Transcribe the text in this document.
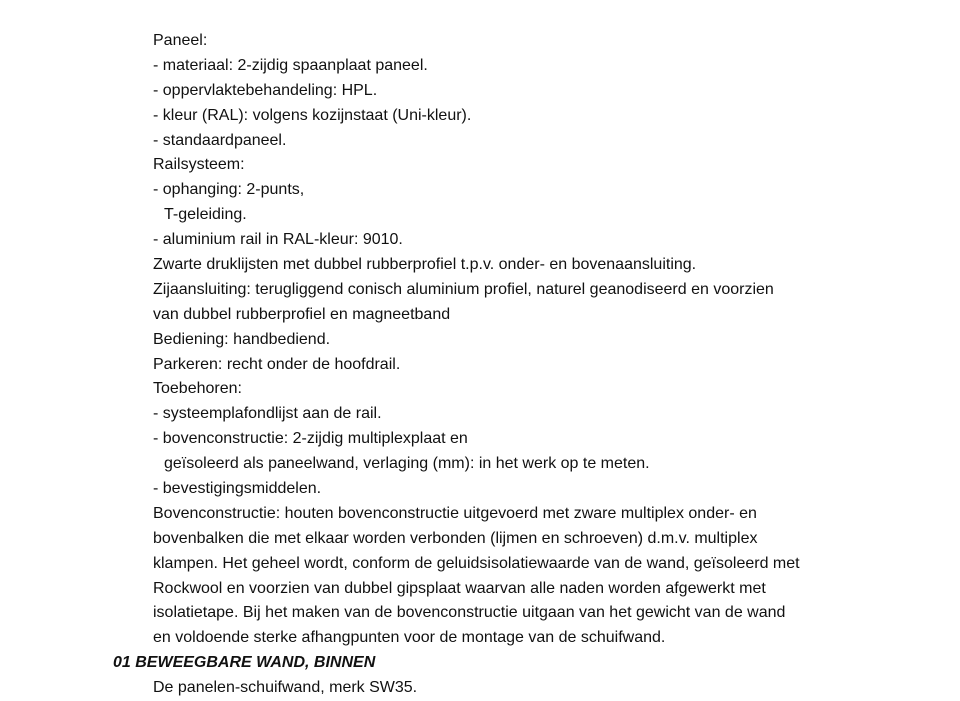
Paneel:
- materiaal: 2-zijdig spaanplaat paneel.
- oppervlaktebehandeling: HPL.
- kleur (RAL): volgens kozijnstaat (Uni-kleur).
- standaardpaneel.
Railsysteem:
- ophanging: 2-punts,
T-geleiding.
- aluminium rail in RAL-kleur: 9010.
Zwarte druklijsten met dubbel rubberprofiel t.p.v. onder- en bovenaansluiting.
Zijaansluiting: terugliggend conisch aluminium profiel, naturel geanodiseerd en voorzien
van dubbel rubberprofiel en magneetband
Bediening: handbediend.
Parkeren: recht onder de hoofdrail.
Toebehoren:
- systeemplafondlijst aan de rail.
- bovenconstructie: 2-zijdig multiplexplaat en
geïsoleerd als paneelwand, verlaging (mm): in het werk op te meten.
- bevestigingsmiddelen.
Bovenconstructie: houten bovenconstructie uitgevoerd met zware multiplex onder- en
bovenbalken die met elkaar worden verbonden (lijmen en schroeven) d.m.v. multiplex
klampen. Het geheel wordt, conform de geluidsisolatiewaarde van de wand, geïsoleerd met
Rockwool en voorzien van dubbel gipsplaat waarvan alle naden worden afgewerkt met
isolatietape. Bij het maken van de bovenconstructie uitgaan van het gewicht van de wand
en voldoende sterke afhangpunten voor de montage van de schuifwand.
01 BEWEEGBARE WAND, BINNEN
De panelen-schuifwand, merk SW35.
